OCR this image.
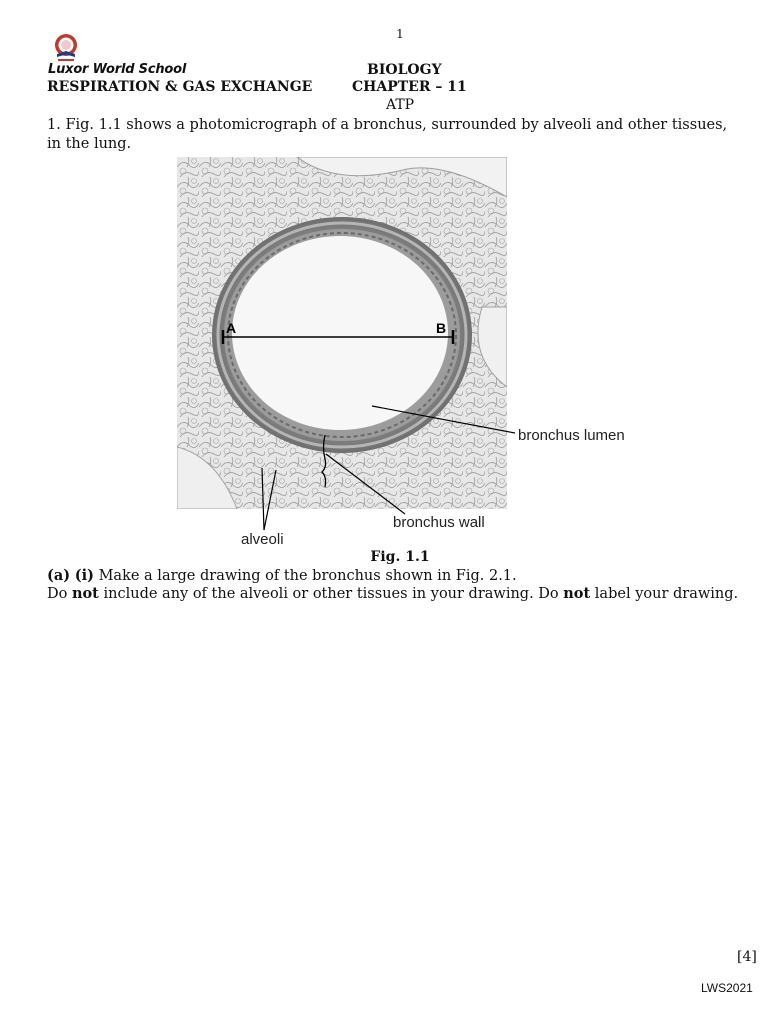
1
Luxor World School	BIOLOGY
RESPIRATION & GAS EXCHANGE	CHAPTER – 11
ATP
1. Fig. 1.1 shows a photomicrograph of a bronchus, surrounded by alveoli and other tissues, in the lung.
A	B
bronchus lumen
bronchus wall
alveoli
Fig. 1.1
(a) (i) Make a large drawing of the bronchus shown in Fig. 2.1.
Do not include any of the alveoli or other tissues in your drawing. Do not label your drawing.
[4]
LWS2021
